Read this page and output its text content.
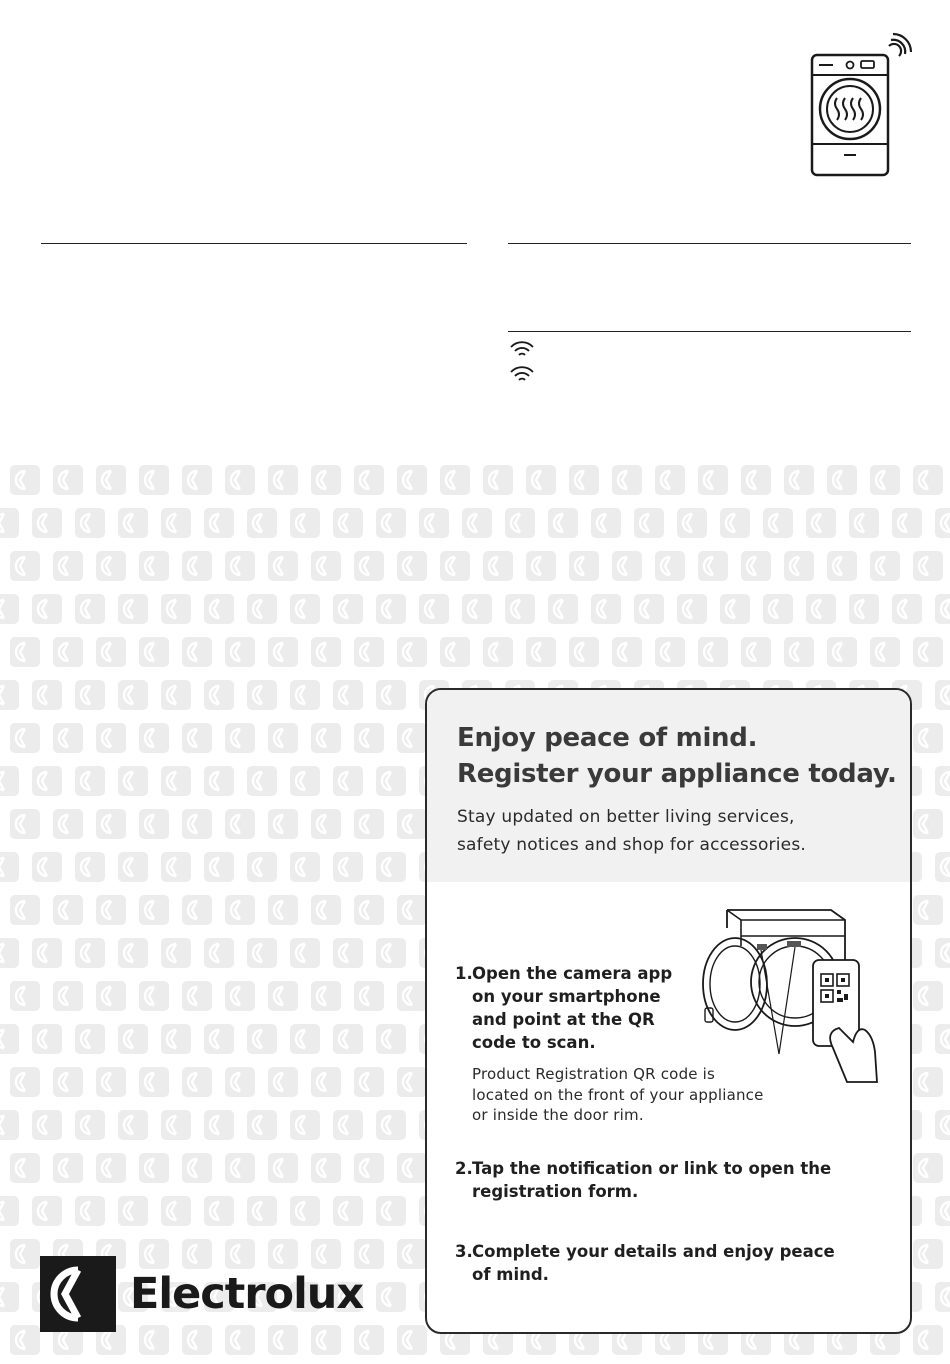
Enjoy peace of mind.
Register your appliance today.

Stay updated on better living services,
safety notices and shop for accessories.

1.Open the camera app
on your smartphone
and point at the QR
code to scan.

Product Registration QR code is
located on the front of your appliance
or inside the door rim.

2.Tap the notification or link to open the
registration form.

3.Complete your details and enjoy peace
of mind.

Electrolux
